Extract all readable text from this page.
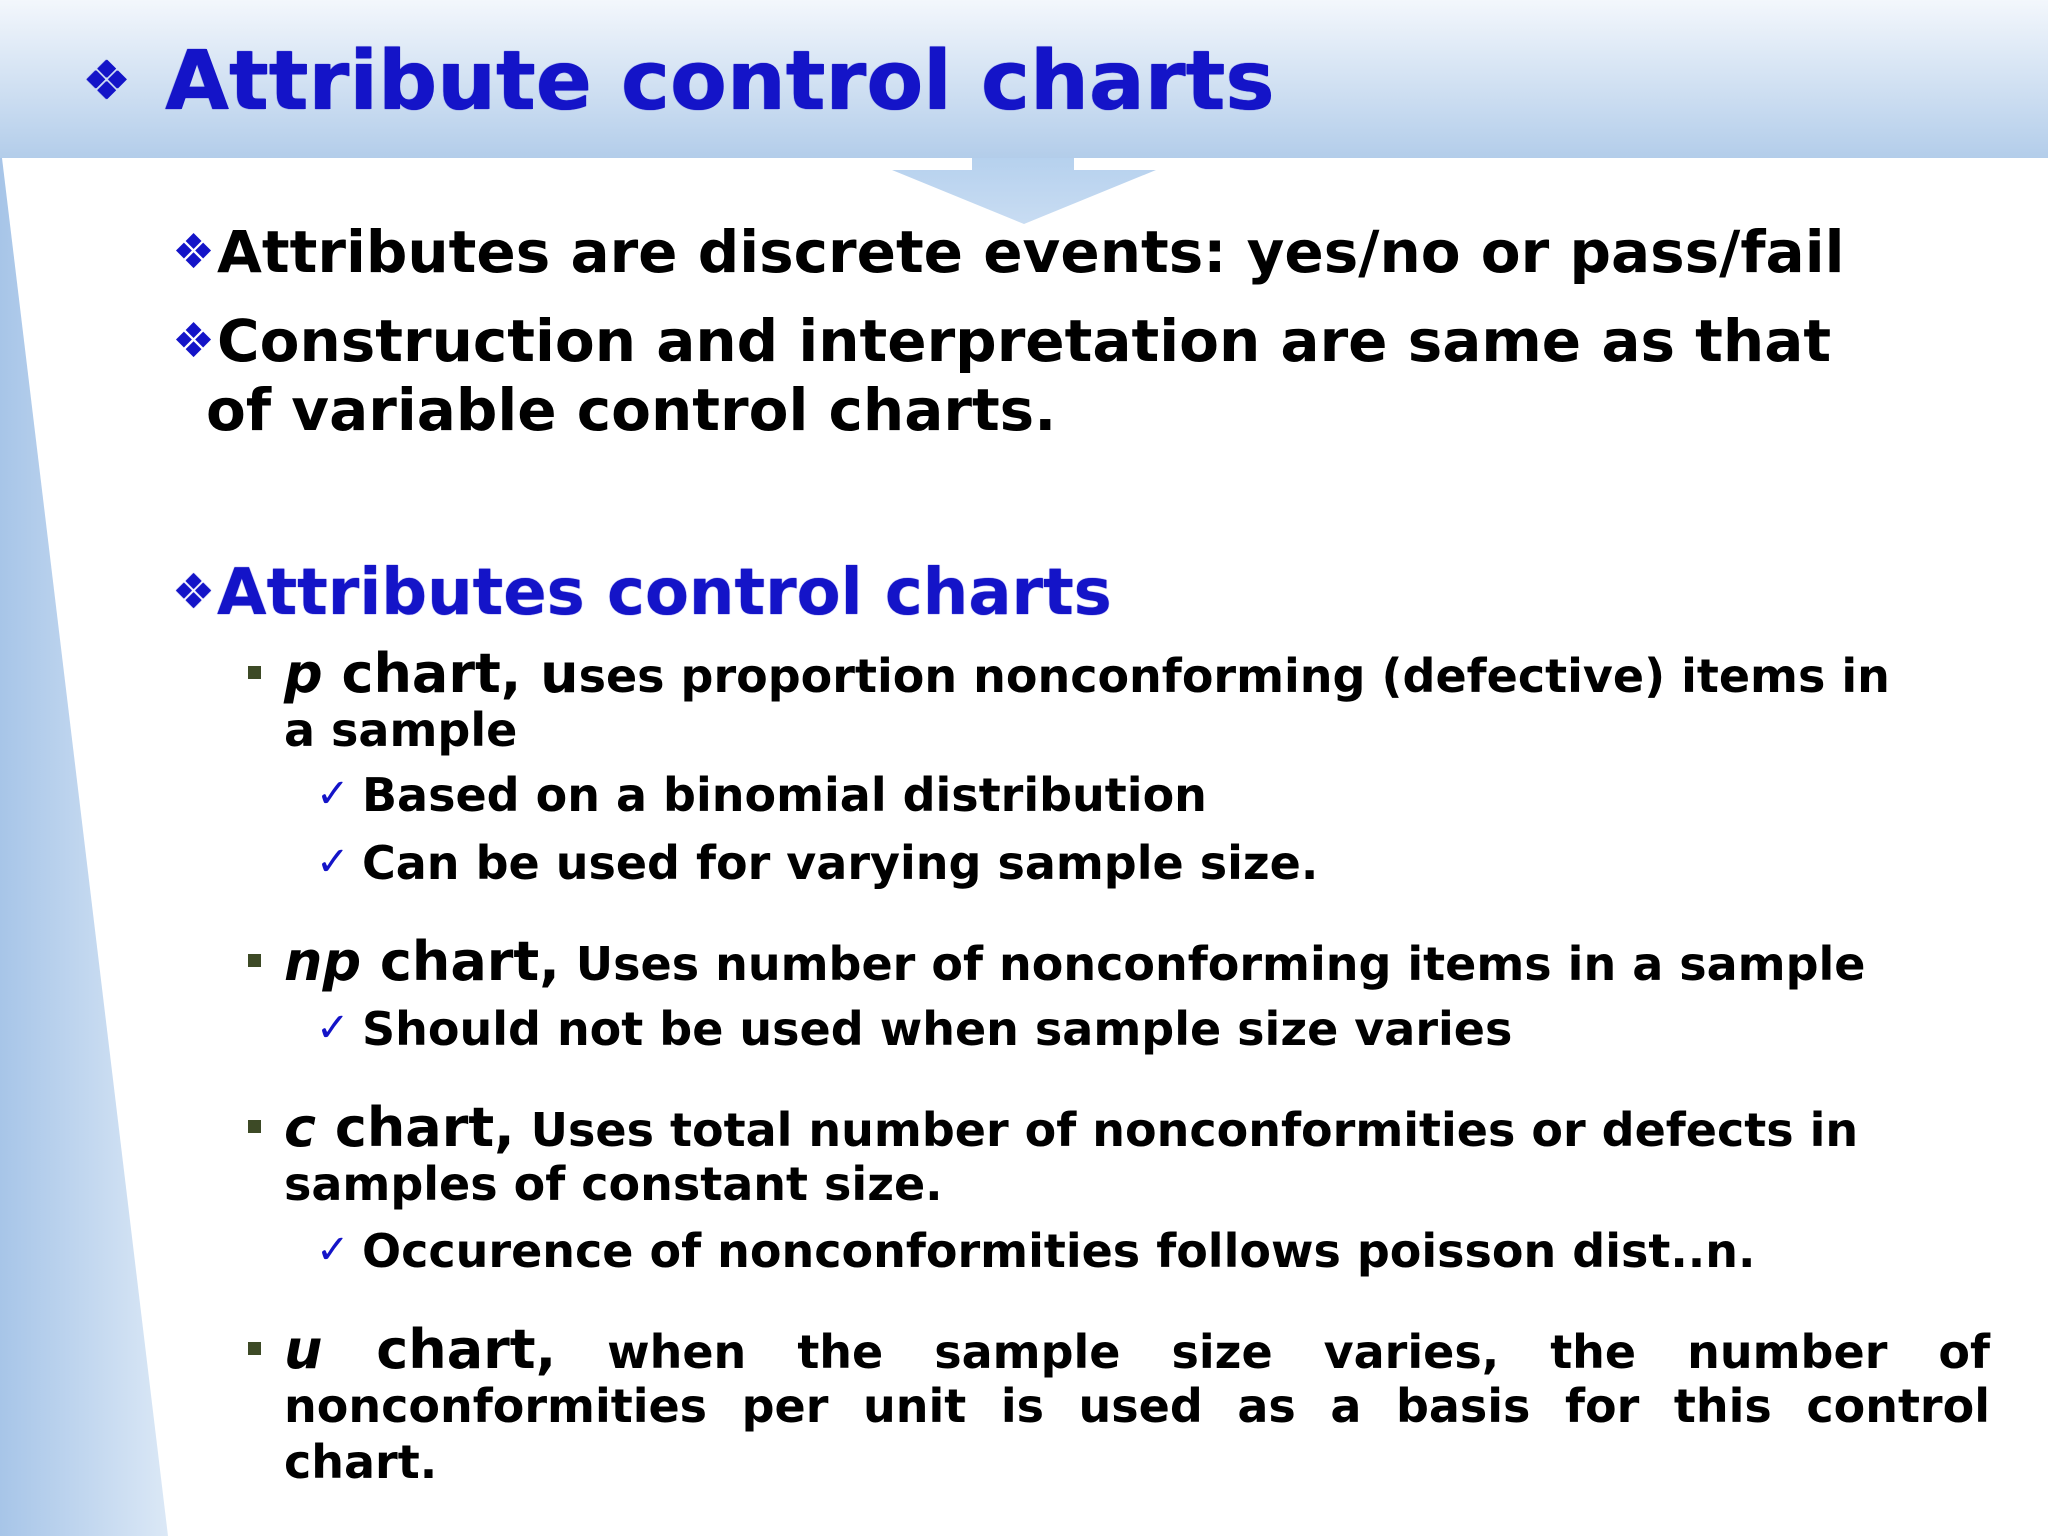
❖ Attribute control charts
❖Attributes are discrete events: yes/no or pass/fail
❖Construction and interpretation are same as that
of variable control charts.
❖Attributes control charts
p chart, uses proportion nonconforming (defective) items in
a sample
✓ Based on a binomial distribution
✓ Can be used for varying sample size.
np chart, Uses number of nonconforming items in a sample
✓ Should not be used when sample size varies
c chart, Uses total number of nonconformities or defects in
samples of constant size.
✓ Occurence of nonconformities follows poisson dist..n.
u chart, when the sample size varies, the number of
nonconformities per unit is used as a basis for this control
chart.
